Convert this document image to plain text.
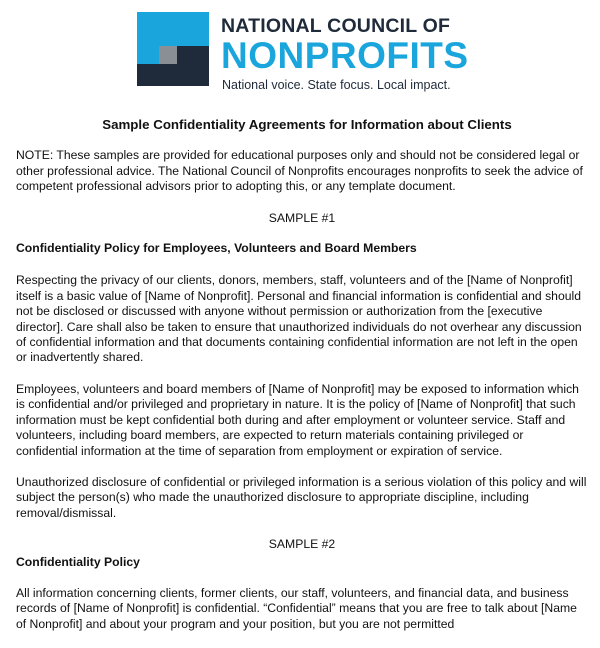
NATIONAL COUNCIL OF
NONPROFITS
National voice. State focus. Local impact.
Sample Confidentiality Agreements for Information about Clients

NOTE: These samples are provided for educational purposes only and should not be considered legal or other professional advice. The National Council of Nonprofits encourages nonprofits to seek the advice of competent professional advisors prior to adopting this, or any template document.

SAMPLE #1
Confidentiality Policy for Employees, Volunteers and Board Members

Respecting the privacy of our clients, donors, members, staff, volunteers and of the [Name of Nonprofit] itself is a basic value of [Name of Nonprofit]. Personal and financial information is confidential and should not be disclosed or discussed with anyone without permission or authorization from the [executive director]. Care shall also be taken to ensure that unauthorized individuals do not overhear any discussion of confidential information and that documents containing confidential information are not left in the open or inadvertently shared.

Employees, volunteers and board members of [Name of Nonprofit] may be exposed to information which is confidential and/or privileged and proprietary in nature. It is the policy of [Name of Nonprofit] that such information must be kept confidential both during and after employment or volunteer service. Staff and volunteers, including board members, are expected to return materials containing privileged or confidential information at the time of separation from employment or expiration of service.

Unauthorized disclosure of confidential or privileged information is a serious violation of this policy and will subject the person(s) who made the unauthorized disclosure to appropriate discipline, including removal/dismissal.

SAMPLE #2
Confidentiality Policy

All information concerning clients, former clients, our staff, volunteers, and financial data, and business records of [Name of Nonprofit] is confidential. “Confidential” means that you are free to talk about [Name of Nonprofit] and about your program and your position, but you are not permitted
